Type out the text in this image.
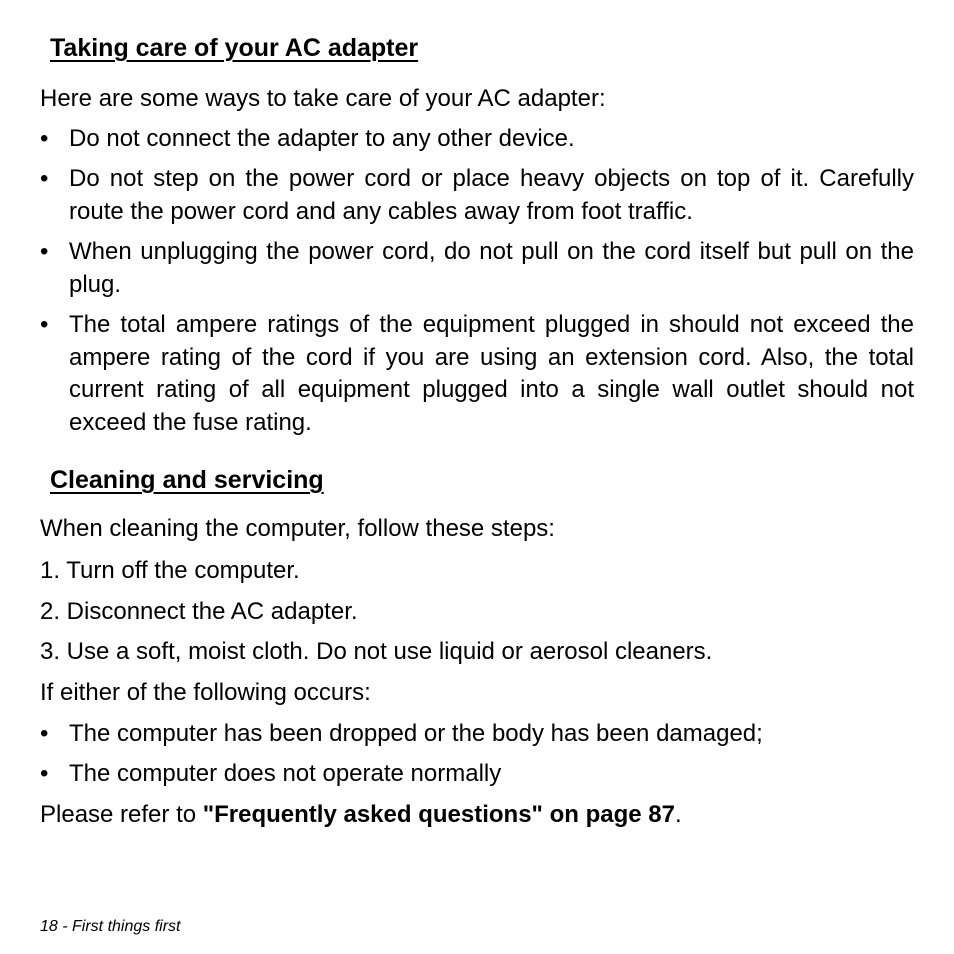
Taking care of your AC adapter

Here are some ways to take care of your AC adapter:

• Do not connect the adapter to any other device.
• Do not step on the power cord or place heavy objects on top of it. Carefully route the power cord and any cables away from foot traffic.
• When unplugging the power cord, do not pull on the cord itself but pull on the plug.
• The total ampere ratings of the equipment plugged in should not exceed the ampere rating of the cord if you are using an extension cord. Also, the total current rating of all equipment plugged into a single wall outlet should not exceed the fuse rating.
Cleaning and servicing

When cleaning the computer, follow these steps:

1. Turn off the computer.

2. Disconnect the AC adapter.

3. Use a soft, moist cloth. Do not use liquid or aerosol cleaners.

If either of the following occurs:

• The computer has been dropped or the body has been damaged;
• The computer does not operate normally

Please refer to "Frequently asked questions" on page 87.

18 - First things first
